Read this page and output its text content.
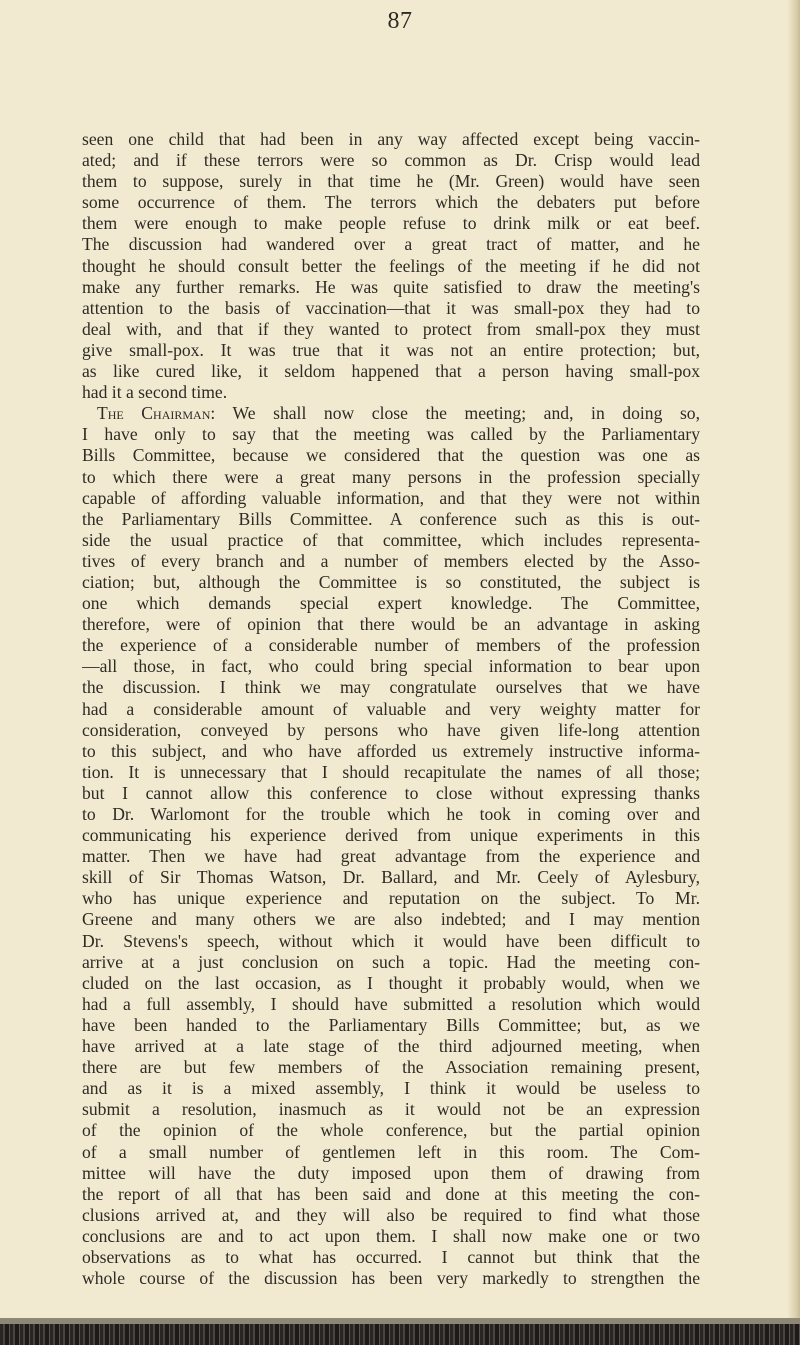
87
seen one child that had been in any way affected except being vaccin-
ated; and if these terrors were so common as Dr. Crisp would lead
them to suppose, surely in that time he (Mr. Green) would have seen
some occurrence of them. The terrors which the debaters put before
them were enough to make people refuse to drink milk or eat beef.
The discussion had wandered over a great tract of matter, and he
thought he should consult better the feelings of the meeting if he did not
make any further remarks. He was quite satisfied to draw the meeting's
attention to the basis of vaccination—that it was small-pox they had to
deal with, and that if they wanted to protect from small-pox they must
give small-pox. It was true that it was not an entire protection; but,
as like cured like, it seldom happened that a person having small-pox
had it a second time.
The Chairman: We shall now close the meeting; and, in doing so,
I have only to say that the meeting was called by the Parliamentary
Bills Committee, because we considered that the question was one as
to which there were a great many persons in the profession specially
capable of affording valuable information, and that they were not within
the Parliamentary Bills Committee. A conference such as this is out-
side the usual practice of that committee, which includes representa-
tives of every branch and a number of members elected by the Asso-
ciation; but, although the Committee is so constituted, the subject is
one which demands special expert knowledge. The Committee,
therefore, were of opinion that there would be an advantage in asking
the experience of a considerable number of members of the profession
—all those, in fact, who could bring special information to bear upon
the discussion. I think we may congratulate ourselves that we have
had a considerable amount of valuable and very weighty matter for
consideration, conveyed by persons who have given life-long attention
to this subject, and who have afforded us extremely instructive informa-
tion. It is unnecessary that I should recapitulate the names of all those;
but I cannot allow this conference to close without expressing thanks
to Dr. Warlomont for the trouble which he took in coming over and
communicating his experience derived from unique experiments in this
matter. Then we have had great advantage from the experience and
skill of Sir Thomas Watson, Dr. Ballard, and Mr. Ceely of Aylesbury,
who has unique experience and reputation on the subject. To Mr.
Greene and many others we are also indebted; and I may mention
Dr. Stevens's speech, without which it would have been difficult to
arrive at a just conclusion on such a topic. Had the meeting con-
cluded on the last occasion, as I thought it probably would, when we
had a full assembly, I should have submitted a resolution which would
have been handed to the Parliamentary Bills Committee; but, as we
have arrived at a late stage of the third adjourned meeting, when
there are but few members of the Association remaining present,
and as it is a mixed assembly, I think it would be useless to
submit a resolution, inasmuch as it would not be an expression
of the opinion of the whole conference, but the partial opinion
of a small number of gentlemen left in this room. The Com-
mittee will have the duty imposed upon them of drawing from
the report of all that has been said and done at this meeting the con-
clusions arrived at, and they will also be required to find what those
conclusions are and to act upon them. I shall now make one or two
observations as to what has occurred. I cannot but think that the
whole course of the discussion has been very markedly to strengthen the
